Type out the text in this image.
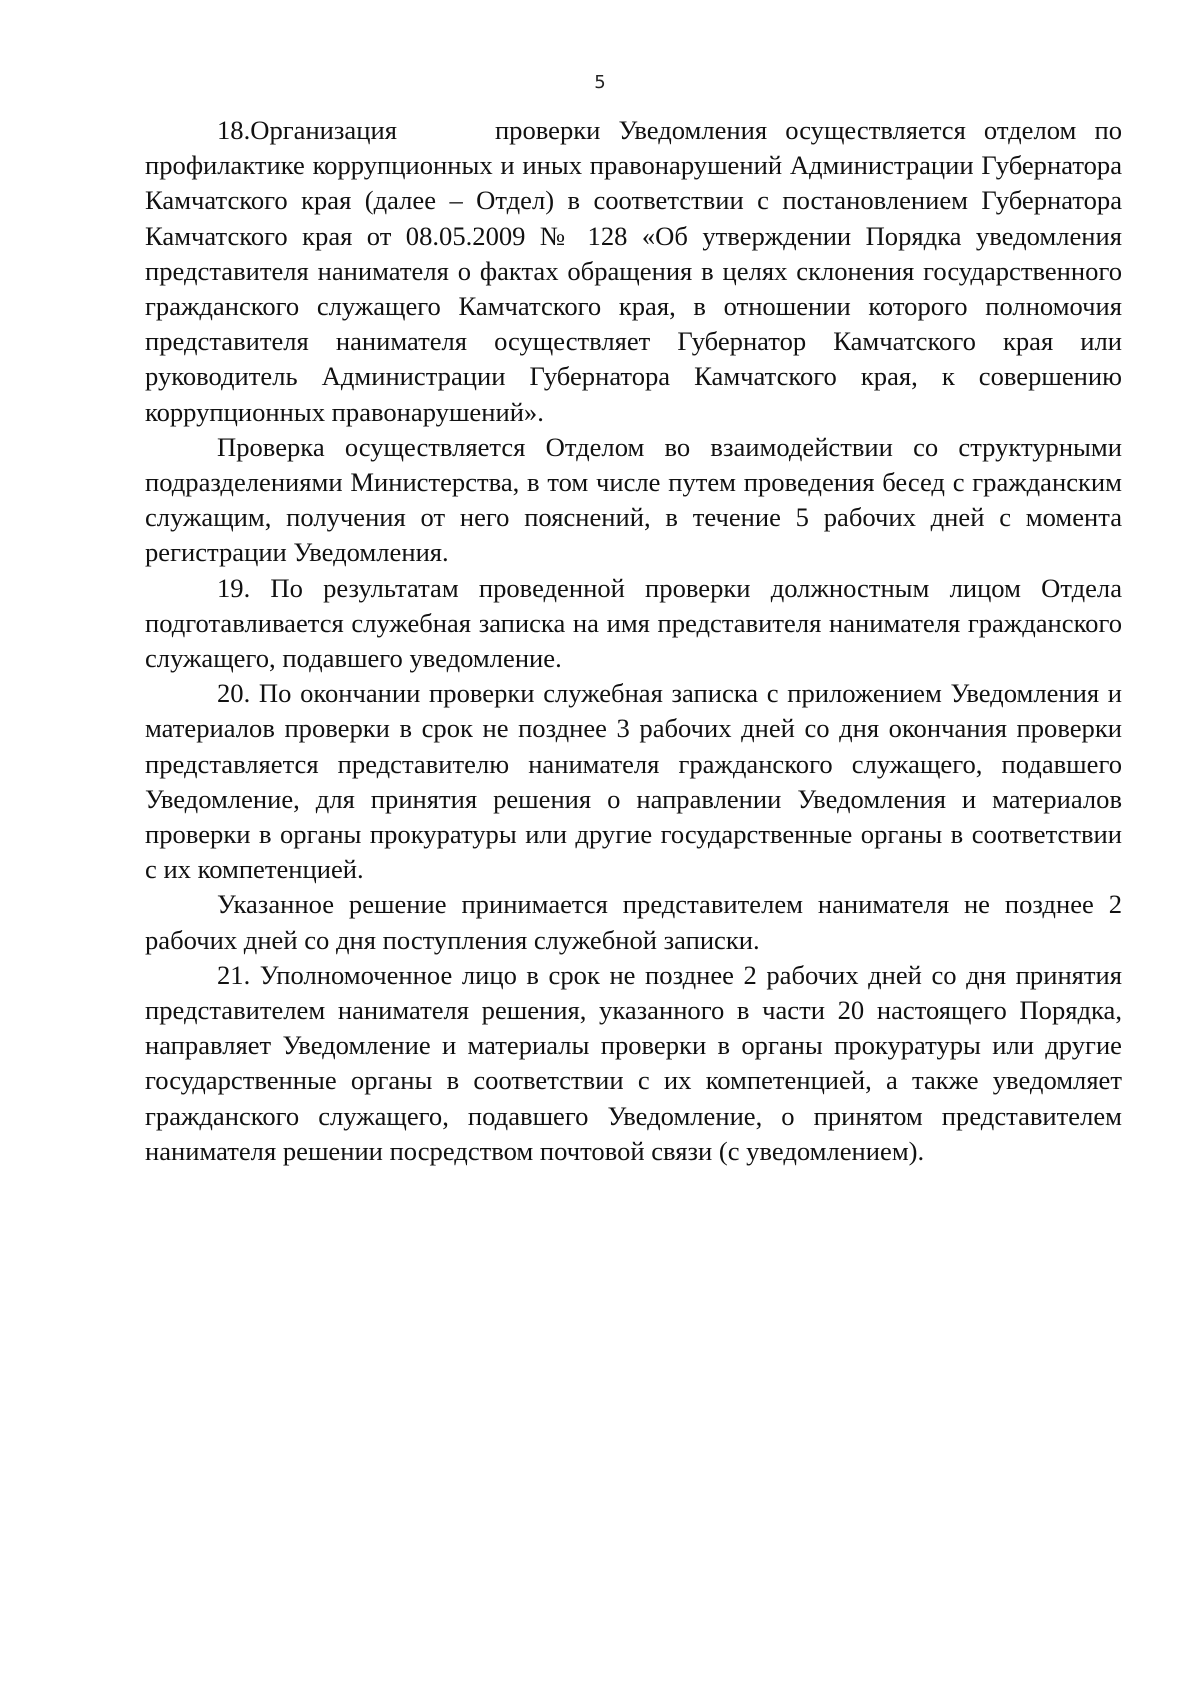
5

18.Организация	проверки Уведомления осуществляется отделом по профилактике коррупционных и иных правонарушений Администрации Губернатора Камчатского края (далее – Отдел) в соответствии с постановлением Губернатора Камчатского края от 08.05.2009 № 128 «Об утверждении Порядка уведомления представителя нанимателя о фактах обращения в целях склонения государственного гражданского служащего Камчатского края, в отношении которого полномочия представителя нанимателя осуществляет Губернатор Камчатского края или руководитель Администрации Губернатора Камчатского края, к совершению коррупционных правонарушений».

Проверка осуществляется Отделом во взаимодействии со структурными подразделениями Министерства, в том числе путем проведения бесед с гражданским служащим, получения от него пояснений, в течение 5 рабочих дней с момента регистрации Уведомления.

19. По результатам проведенной проверки должностным лицом Отдела подготавливается служебная записка на имя представителя нанимателя гражданского служащего, подавшего уведомление.

20. По окончании проверки служебная записка с приложением Уведомления и материалов проверки в срок не позднее 3 рабочих дней со дня окончания проверки представляется представителю нанимателя гражданского служащего, подавшего Уведомление, для принятия решения о направлении Уведомления и материалов проверки в органы прокуратуры или другие государственные органы в соответствии с их компетенцией.

Указанное решение принимается представителем нанимателя не позднее 2 рабочих дней со дня поступления служебной записки.

21. Уполномоченное лицо в срок не позднее 2 рабочих дней со дня принятия представителем нанимателя решения, указанного в части 20 настоящего Порядка, направляет Уведомление и материалы проверки в органы прокуратуры или другие государственные органы в соответствии с их компетенцией, а также уведомляет гражданского служащего, подавшего Уведомление, о принятом представителем нанимателя решении посредством почтовой связи (с уведомлением).
